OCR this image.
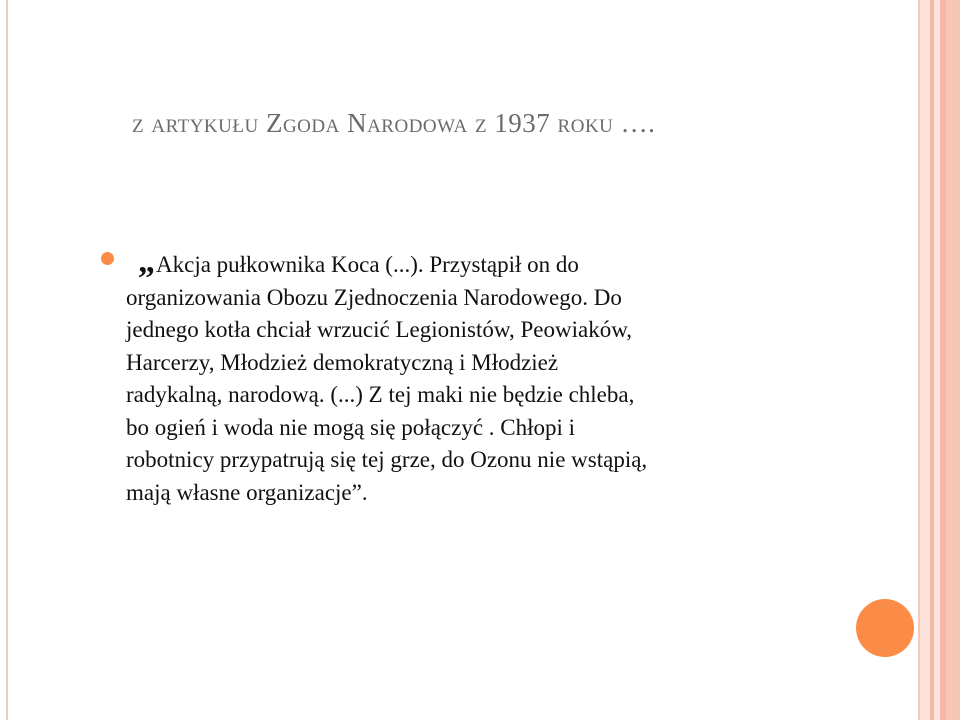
z artykułu Zgoda Narodowa z 1937 roku ….
„ Akcja pułkownika Koca (...). Przystąpił on do
organizowania Obozu Zjednoczenia Narodowego. Do
jednego kotła chciał wrzucić Legionistów, Peowiaków,
Harcerzy, Młodzież demokratyczną i Młodzież
radykalną, narodową. (...) Z tej maki nie będzie chleba,
bo ogień i woda nie mogą się połączyć . Chłopi i
robotnicy przypatrują się tej grze, do Ozonu nie wstąpią,
mają własne organizacje”.
